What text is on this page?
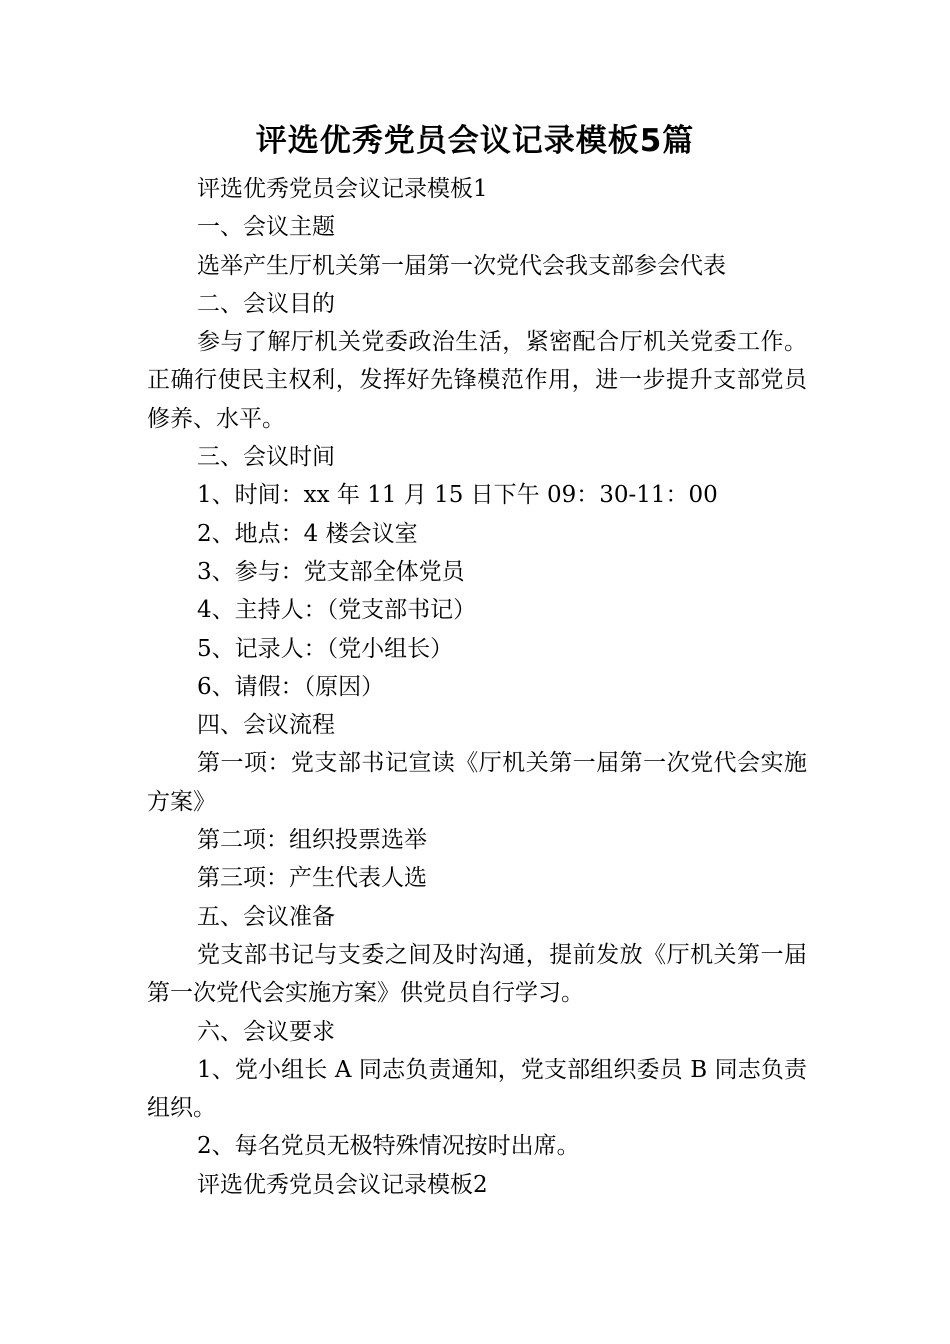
评选优秀党员会议记录模板5篇

评选优秀党员会议记录模板1

一、会议主题

选举产生厅机关第一届第一次党代会我支部参会代表

二、会议目的

参与了解厅机关党委政治生活，紧密配合厅机关党委工作。正确行使民主权利，发挥好先锋模范作用，进一步提升支部党员修养、水平。

三、会议时间

1、时间：xx 年 11 月 15 日下午 09：30-11：00

2、地点：4 楼会议室

3、参与：党支部全体党员

4、主持人：（党支部书记）

5、记录人：（党小组长）

6、请假：（原因）

四、会议流程

第一项：党支部书记宣读《厅机关第一届第一次党代会实施方案》

第二项：组织投票选举

第三项：产生代表人选

五、会议准备

党支部书记与支委之间及时沟通，提前发放《厅机关第一届第一次党代会实施方案》供党员自行学习。

六、会议要求

1、党小组长 A 同志负责通知，党支部组织委员 B 同志负责组织。

2、每名党员无极特殊情况按时出席。

评选优秀党员会议记录模板2
